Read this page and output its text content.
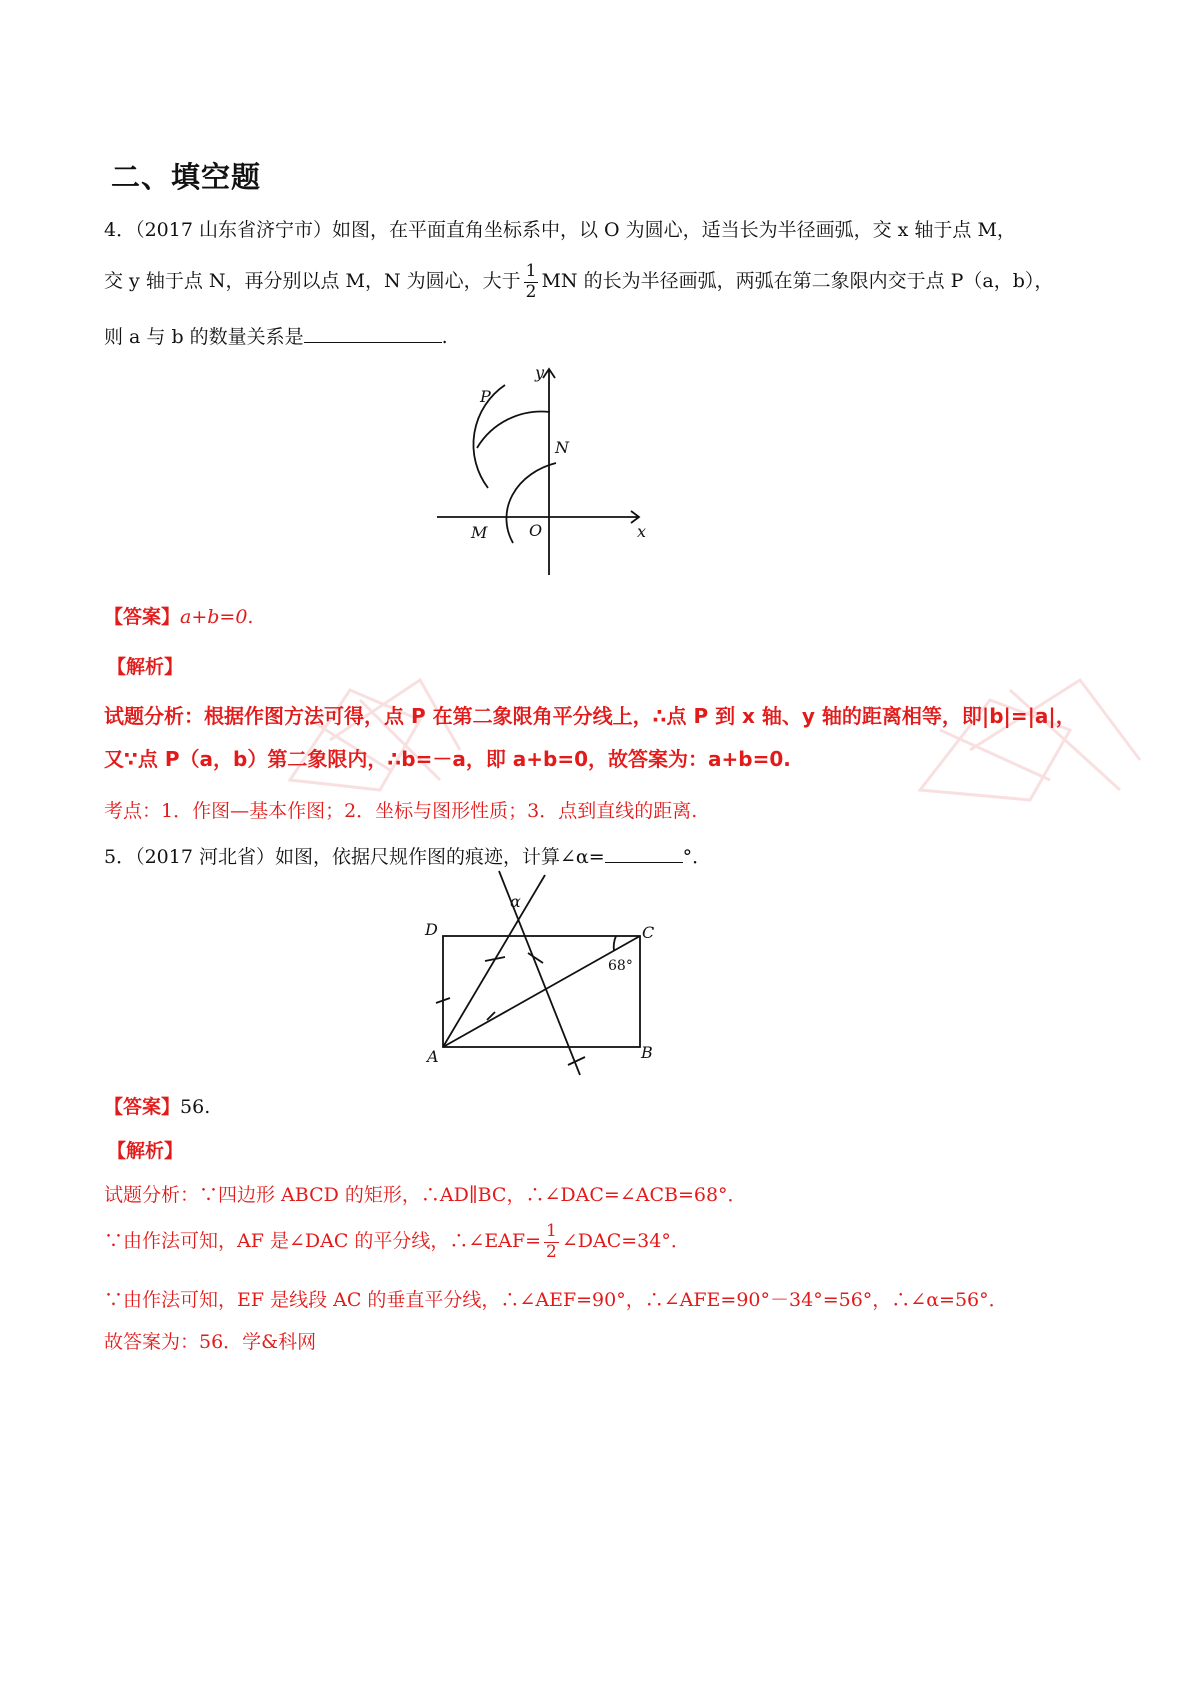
二、填空题
4．（2017 山东省济宁市）如图，在平面直角坐标系中，以 O 为圆心，适当长为半径画弧，交 x 轴于点 M，
交 y 轴于点 N，再分别以点 M，N 为圆心，大于 $\frac{1}{2}$ MN 的长为半径画弧，两弧在第二象限内交于点 P（a，b），
则 a 与 b 的数量关系是	.
y
x
P
N
O
M
【答案】a+b=0.
【解析】
试题分析：根据作图方法可得，点 P 在第二象限角平分线上，∴点 P 到 x 轴、y 轴的距离相等，即|b|=|a|，
又∵点 P（a，b）第二象限内，∴b=－a，即 a+b=0，故答案为：a+b=0.
考点：1．作图—基本作图；2．坐标与图形性质；3．点到直线的距离.
5．（2017 河北省）如图，依据尺规作图的痕迹，计算∠α=	°．
α
D	C
A	B
68°
【答案】56.
【解析】
试题分析：∵四边形 ABCD 的矩形，∴AD∥BC，∴∠DAC=∠ACB=68°．
∵由作法可知，AF 是∠DAC 的平分线，∴∠EAF= $\frac{1}{2}$ ∠DAC=34°．
∵由作法可知，EF 是线段 AC 的垂直平分线，∴∠AEF=90°，∴∠AFE=90°－34°=56°，∴∠α=56°．
故答案为：56．学&科网
